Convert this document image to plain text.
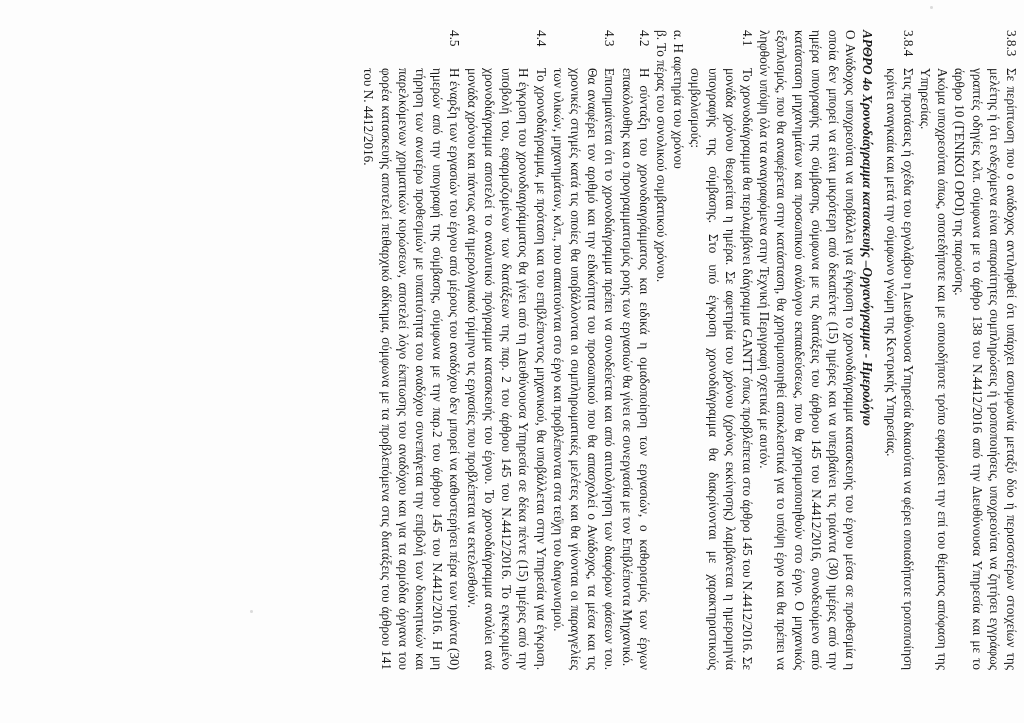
3.8.3Σε περίπτωση που ο ανάδοχος αντιληφθεί ότι υπάρχει ασυμφωνία μεταξύ δύο ή περισσοτέρων στοιχείων της μελέτης ή ότι ενδεχόμενα είναι απαραίτητες συμπληρώσεις ή τροποποιήσεις, υποχρεούται να ζητήσει εγγράφως γραπτές οδηγίες κλπ. σύμφωνα με το άρθρο 138 του Ν.4412/2016 από την Διευθύνουσα Υπηρεσία και με το άρθρο 10 (ΓΕΝΙΚΟΙ ΟΡΟΙ) της παρούσης.

Ακόμα υποχρεούται όπως, οποτεδήποτε και με οποιοδήποτε τρόπο εφαρμόσει την επί του θέματος απόφαση της Υπηρεσίας.

3.8.4Στις προτάσεις ή σχέδια του εργολάβου η Διευθύνουσα Υπηρεσία δικαιούται να φέρει οποιαδήποτε τροποποίηση κρίνει αναγκαία και μετά την σύμφωνο γνώμη της Κεντρικής Υπηρεσίας.

ΑΡΘΡΟ 4ο Χρονοδιάγραμμα κατασκευής –Οργανόγραμμα - Ημερολόγιο

Ο Ανάδοχος υποχρεούται να υποβάλλει για έγκριση το χρονοδιάγραμμα κατασκευής του έργου μέσα σε προθεσμία η οποία δεν μπορεί να είναι μικρότερη από δεκαπέντε (15) ημέρες και να υπερβαίνει τις τριάντα (30) ημέρες από την ημέρα υπογραφής της σύμβασης, σύμφωνα με τις διατάξεις του άρθρου 145 του Ν.4412/2016, συνοδευόμενο από κατάσταση μηχανημάτων και προσωπικού ανάλογου εκπαιδεύσεως, που θα χρησιμοποιηθούν στο έργο. Ο μηχανικός εξοπλισμός, που θα αναφέρεται στην κατάσταση, θα χρησιμοποιηθεί αποκλειστικά για το υπόψη έργο και θα πρέπει να ληφθούν υπόψη όλα τα αναγραφόμενα στην Τεχνική Περιγραφή σχετικά με αυτόν.

4.1Το χρονοδιάγραμμα θα περιλαμβάνει διάγραμμα GANTT όπως προβλέπεται στο άρθρο 145 του Ν.4412/2016. Σε μονάδα χρόνου θεωρείται η ημέρα. Σε αφετηρία του χρόνου (χρόνος εκκίνησης) λαμβάνεται η ημερομηνία υπογραφής της σύμβασης. Στο υπό έγκριση χρονοδιάγραμμα θα διακρίνονται με χαρακτηριστικούς συμβολισμούς:

α. Η αφετηρία του χρόνου

β. Το πέρας του συνολικού συμβατικού χρόνου.

4.2Η σύνταξη του χρονοδιαγράμματος και ειδικά η ομαδοποίηση των εργασιών, ο καθορισμός των έργων επακόλουθης και ο προγραμματισμός ροής των εργασιών θα γίνει σε συνεργασία με τον Επιβλέποντα Μηχανικό.

4.3Επισημαίνεται ότι το χρονοδιάγραμμα πρέπει να συνοδεύεται και από αιτιολόγηση των διαφόρων φάσεων του. Θα αναφέρει τον αριθμό και την ειδικότητα του προσωπικού που θα απασχολεί ο Ανάδοχος, τα μέσα και τις χρονικές στιγμές κατά τις οποίες θα υποβάλλονται οι συμπληρωματικές μελέτες και θα γίνονται οι παραγγελίες των υλικών, μηχανημάτων, κλπ., που απαιτούνται στο έργο και προβλέπονται στα τεύχη του διαγωνισμού.

4.4Το χρονοδιάγραμμα, με πρόταση και του επιβλέποντος μηχανικού, θα υποβάλλεται στην Υπηρεσία για έγκριση. Η έγκριση του χρονοδιαγράμματος θα γίνει από τη Διευθύνουσα Υπηρεσία σε δέκα πέντε (15) ημέρες από την υποβολή του, εφαρμοζομένων των διατάξεων της παρ. 2 του άρθρου 145 του Ν.4412/2016. Το εγκεκριμένο χρονοδιάγραμμα αποτελεί το αναλυτικό πρόγραμμα κατασκευής του έργου. Το χρονοδιάγραμμα αναλύει ανά μονάδα χρόνου και πάντως ανά ημερολογιακό τρίμηνο τις εργασίες που προβλέπεται να εκτελεσθούν.

4.5Η έναρξη των εργασιών του έργου από μέρους του αναδόχου δεν μπορεί να καθυστερήσει πέρα των τριάντα (30) ημερών από την υπογραφή της σύμβασης, σύμφωνα με την παρ.2 του άρθρου 145 του Ν.4412/2016. Η μη τήρηση των ανωτέρω προθεσμιών με υπαιτιότητα του αναδόχου συνεπάγεται την επιβολή των διοικητικών και παρελκόμενων χρηματικών κυρώσεων, αποτελεί λόγο έκπτωσης του αναδόχου και για τα αρμόδια όργανα του φορέα κατασκευής αποτελεί πειθαρχικό αδίκημα, σύμφωνα με τα προβλεπόμενα στις διατάξεις του άρθρου 141 του Ν. 4412/2016.
